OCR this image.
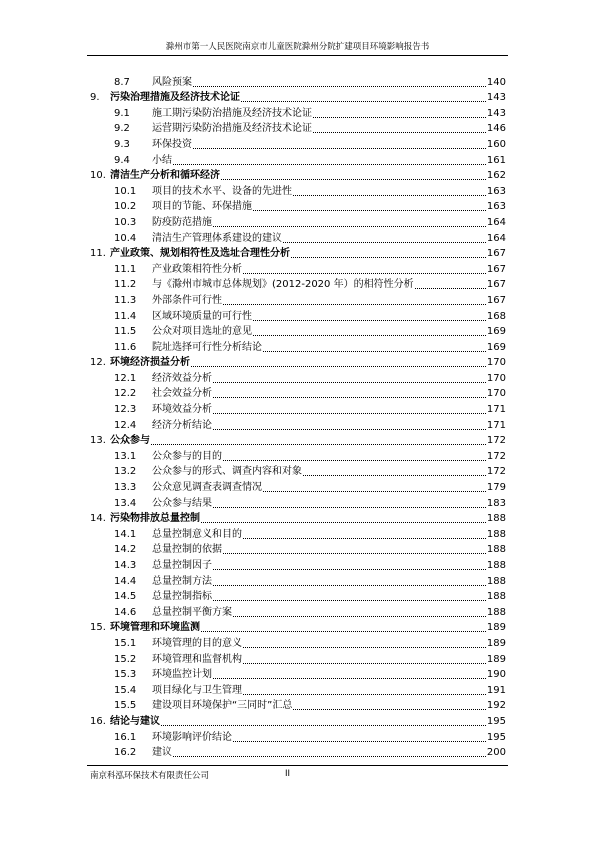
滁州市第一人民医院南京市儿童医院滁州分院扩建项目环境影响报告书
8.7 风险预案	140
9. 污染治理措施及经济技术论证	143
9.1 施工期污染防治措施及经济技术论证	143
9.2 运营期污染防治措施及经济技术论证	146
9.3 环保投资	160
9.4 小结	161
10. 清洁生产分析和循环经济	162
10.1 项目的技术水平、设备的先进性	163
10.2 项目的节能、环保措施	163
10.3 防疫防范措施	164
10.4 清洁生产管理体系建设的建议	164
11. 产业政策、规划相符性及选址合理性分析	167
11.1 产业政策相符性分析	167
11.2 与《滁州市城市总体规划》(2012-2020 年）的相符性分析	167
11.3 外部条件可行性	167
11.4 区域环境质量的可行性	168
11.5 公众对项目选址的意见	169
11.6 院址选择可行性分析结论	169
12. 环境经济损益分析	170
12.1 经济效益分析	170
12.2 社会效益分析	170
12.3 环境效益分析	171
12.4 经济分析结论	171
13. 公众参与	172
13.1 公众参与的目的	172
13.2 公众参与的形式、调查内容和对象	172
13.3 公众意见调查表调查情况	179
13.4 公众参与结果	183
14. 污染物排放总量控制	188
14.1 总量控制意义和目的	188
14.2 总量控制的依据	188
14.3 总量控制因子	188
14.4 总量控制方法	188
14.5 总量控制指标	188
14.6 总量控制平衡方案	188
15. 环境管理和环境监测	189
15.1 环境管理的目的意义	189
15.2 环境管理和监督机构	189
15.3 环境监控计划	190
15.4 项目绿化与卫生管理	191
15.5 建设项目环境保护“三同时”汇总	192
16. 结论与建议	195
16.1 环境影响评价结论	195
16.2 建议	200
南京科泓环保技术有限责任公司	II
